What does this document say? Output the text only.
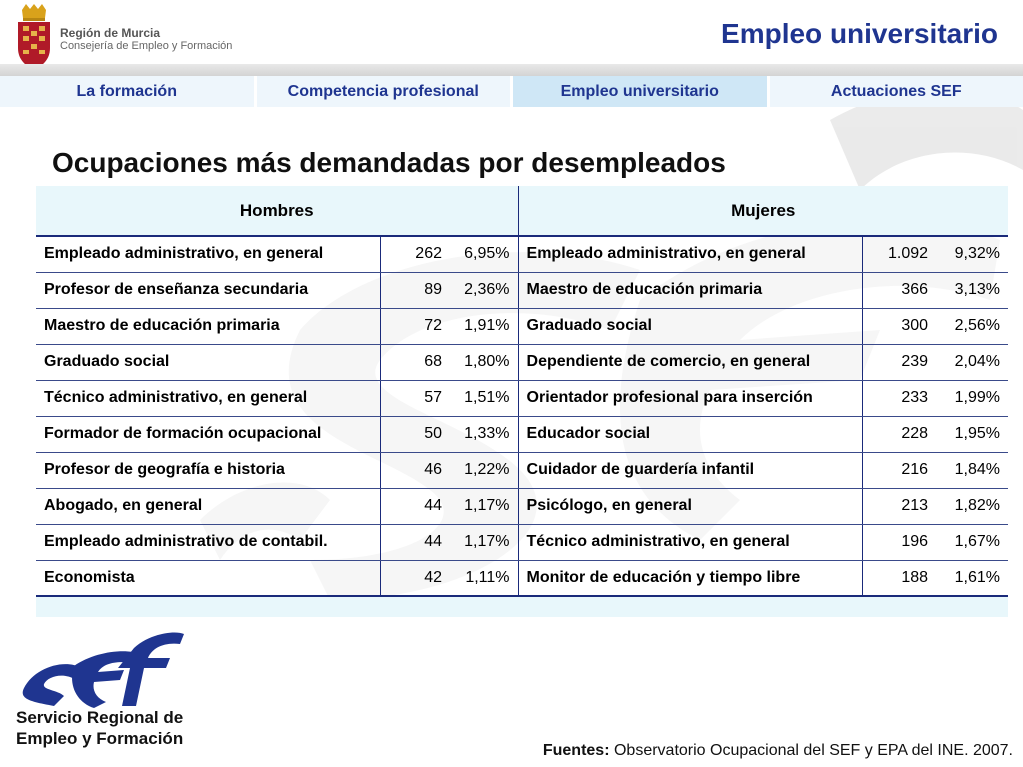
Región de Murcia
Consejería de Empleo y Formación	Empleo universitario
La formación	Competencia profesional	Empleo universitario	Actuaciones SEF
Ocupaciones más demandadas por desempleados
Hombres			Mujeres		
Empleado administrativo, en general	262	6,95%	Empleado administrativo, en general	1.092	9,32%
Profesor de enseñanza secundaria	89	2,36%	Maestro de educación primaria	366	3,13%
Maestro de educación primaria	72	1,91%	Graduado social	300	2,56%
Graduado social	68	1,80%	Dependiente de comercio, en general	239	2,04%
Técnico administrativo, en general	57	1,51%	Orientador profesional para inserción	233	1,99%
Formador de formación ocupacional	50	1,33%	Educador social	228	1,95%
Profesor de geografía e historia	46	1,22%	Cuidador de guardería infantil	216	1,84%
Abogado, en general	44	1,17%	Psicólogo, en general	213	1,82%
Empleado administrativo de contabil.	44	1,17%	Técnico administrativo, en general	196	1,67%
Economista	42	1,11%	Monitor de educación y tiempo libre	188	1,61%
Servicio Regional de
Empleo y Formación
Fuentes: Observatorio Ocupacional del SEF y EPA del INE. 2007.
